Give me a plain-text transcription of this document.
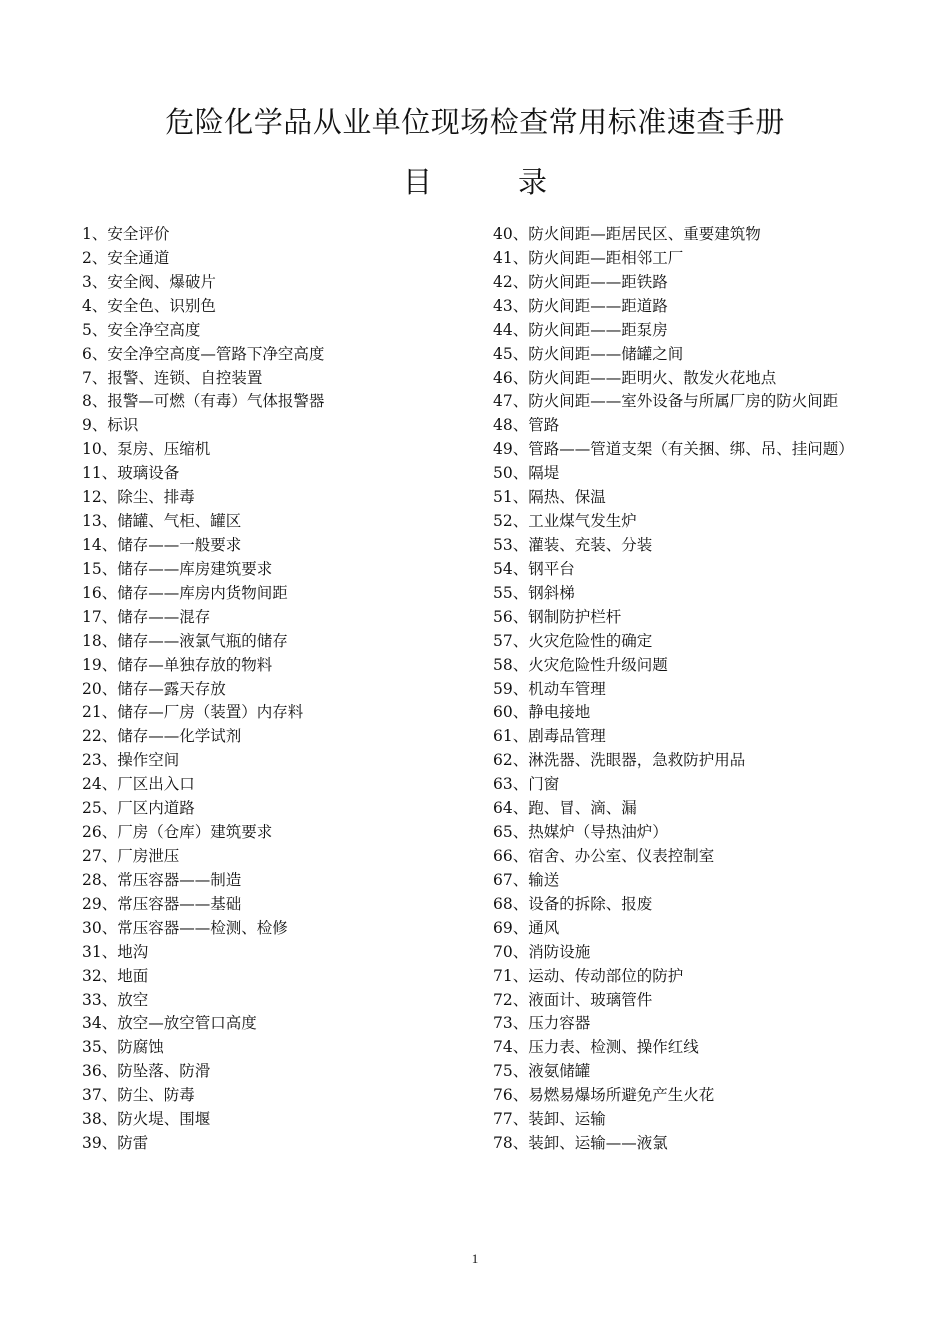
危险化学品从业单位现场检查常用标准速查手册
目	录
1、安全评价
2、安全通道
3、安全阀、爆破片
4、安全色、识别色
5、安全净空高度
6、安全净空高度—管路下净空高度
7、报警、连锁、自控装置
8、报警—可燃（有毒）气体报警器
9、标识
10、泵房、压缩机
11、玻璃设备
12、除尘、排毒
13、储罐、气柜、罐区
14、储存——一般要求
15、储存——库房建筑要求
16、储存——库房内货物间距
17、储存——混存
18、储存——液氯气瓶的储存
19、储存—单独存放的物料
20、储存—露天存放
21、储存—厂房（装置）内存料
22、储存——化学试剂
23、操作空间
24、厂区出入口
25、厂区内道路
26、厂房（仓库）建筑要求
27、厂房泄压
28、常压容器——制造
29、常压容器——基础
30、常压容器——检测、检修
31、地沟
32、地面
33、放空
34、放空—放空管口高度
35、防腐蚀
36、防坠落、防滑
37、防尘、防毒
38、防火堤、围堰
39、防雷
40、防火间距—距居民区、重要建筑物
41、防火间距—距相邻工厂
42、防火间距——距铁路
43、防火间距——距道路
44、防火间距——距泵房
45、防火间距——储罐之间
46、防火间距——距明火、散发火花地点
47、防火间距——室外设备与所属厂房的防火间距
48、管路
49、管路——管道支架（有关捆、绑、吊、挂问题）
50、隔堤
51、隔热、保温
52、工业煤气发生炉
53、灌装、充装、分装
54、钢平台
55、钢斜梯
56、钢制防护栏杆
57、火灾危险性的确定
58、火灾危险性升级问题
59、机动车管理
60、静电接地
61、剧毒品管理
62、淋洗器、洗眼器，急救防护用品
63、门窗
64、跑、冒、滴、漏
65、热媒炉（导热油炉）
66、宿舍、办公室、仪表控制室
67、输送
68、设备的拆除、报废
69、通风
70、消防设施
71、运动、传动部位的防护
72、液面计、玻璃管件
73、压力容器
74、压力表、检测、操作红线
75、液氨储罐
76、易燃易爆场所避免产生火花
77、装卸、运输
78、装卸、运输——液氯
1
